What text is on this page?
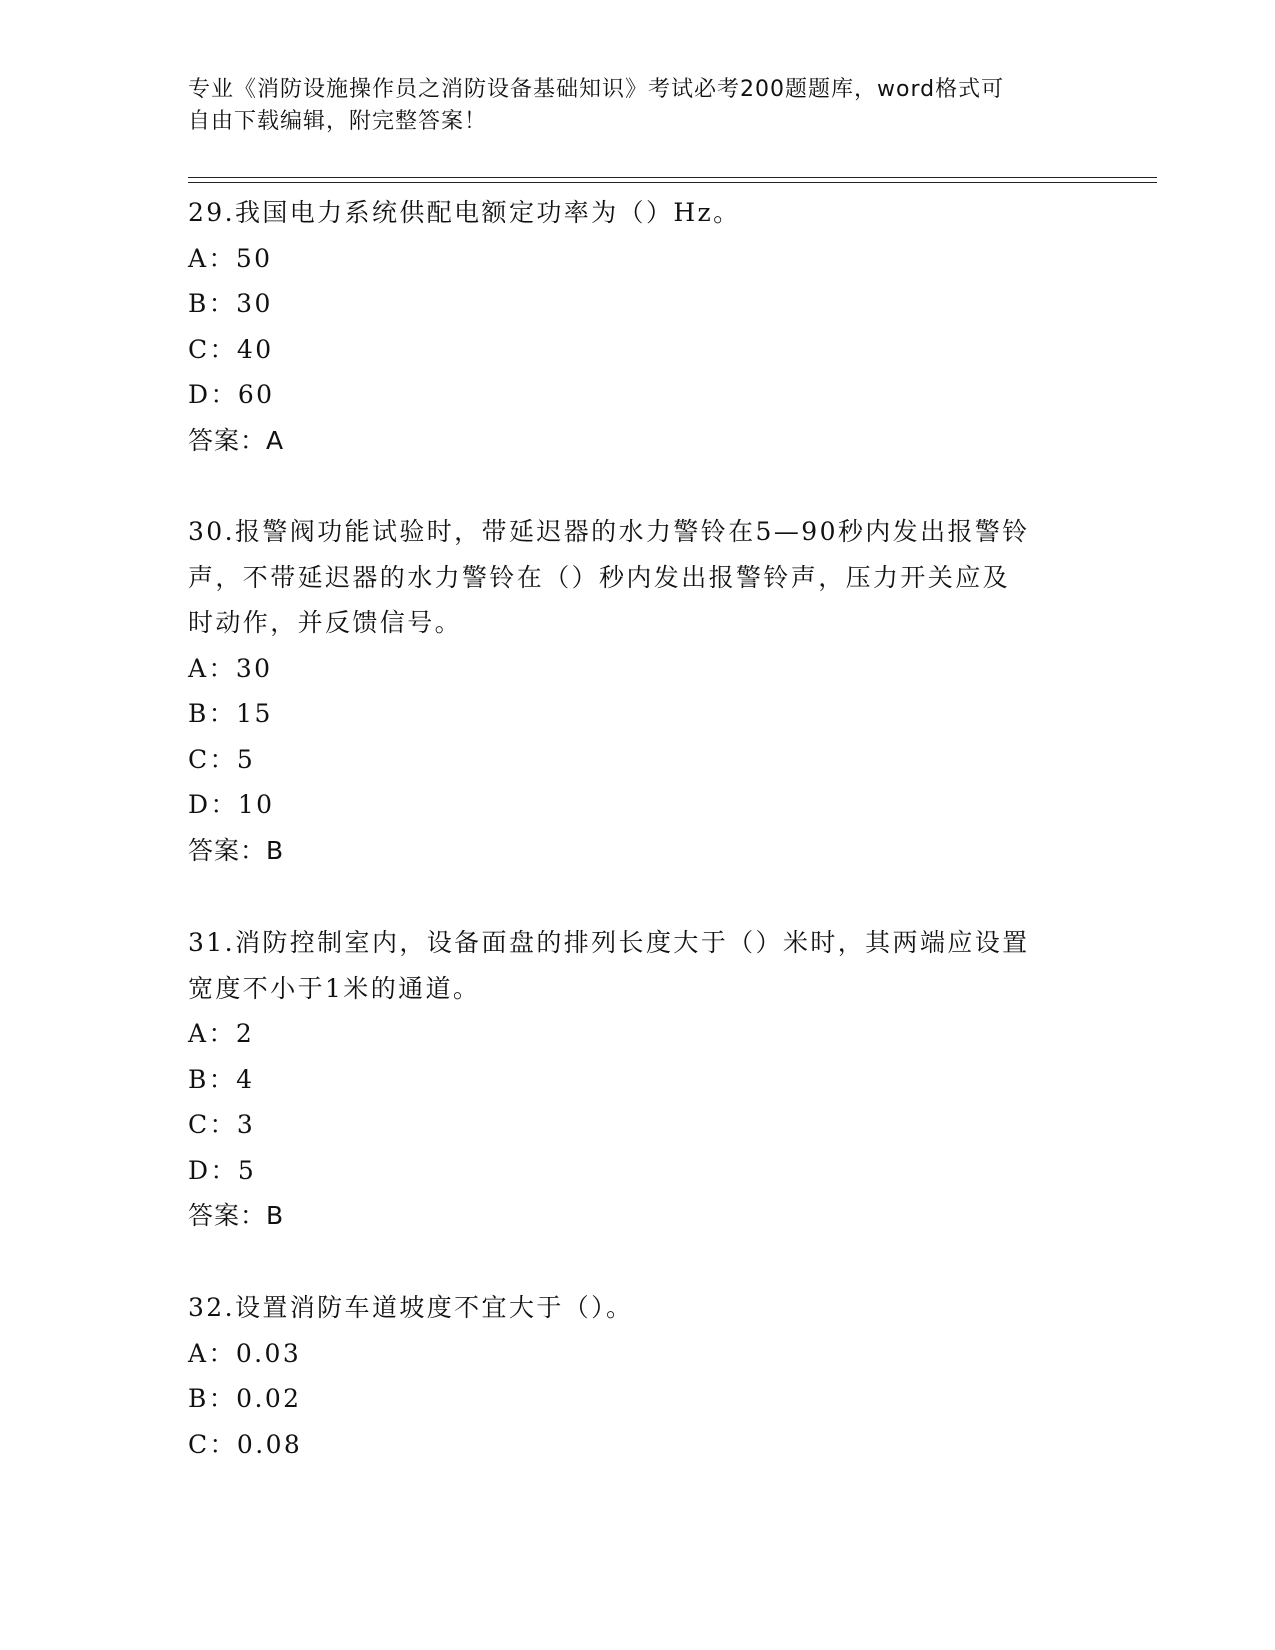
专业《消防设施操作员之消防设备基础知识》考试必考200题题库，word格式可

自由下载编辑，附完整答案！

29.我国电力系统供配电额定功率为（）Hz。

A：50

B：30

C：40

D：60

答案：A

30.报警阀功能试验时，带延迟器的水力警铃在5—90秒内发出报警铃

声，不带延迟器的水力警铃在（）秒内发出报警铃声，压力开关应及

时动作，并反馈信号。

A：30

B：15

C：5

D：10

答案：B

31.消防控制室内，设备面盘的排列长度大于（）米时，其两端应设置

宽度不小于1米的通道。

A：2

B：4

C：3

D：5

答案：B

32.设置消防车道坡度不宜大于（）。

A：0.03

B：0.02

C：0.08
